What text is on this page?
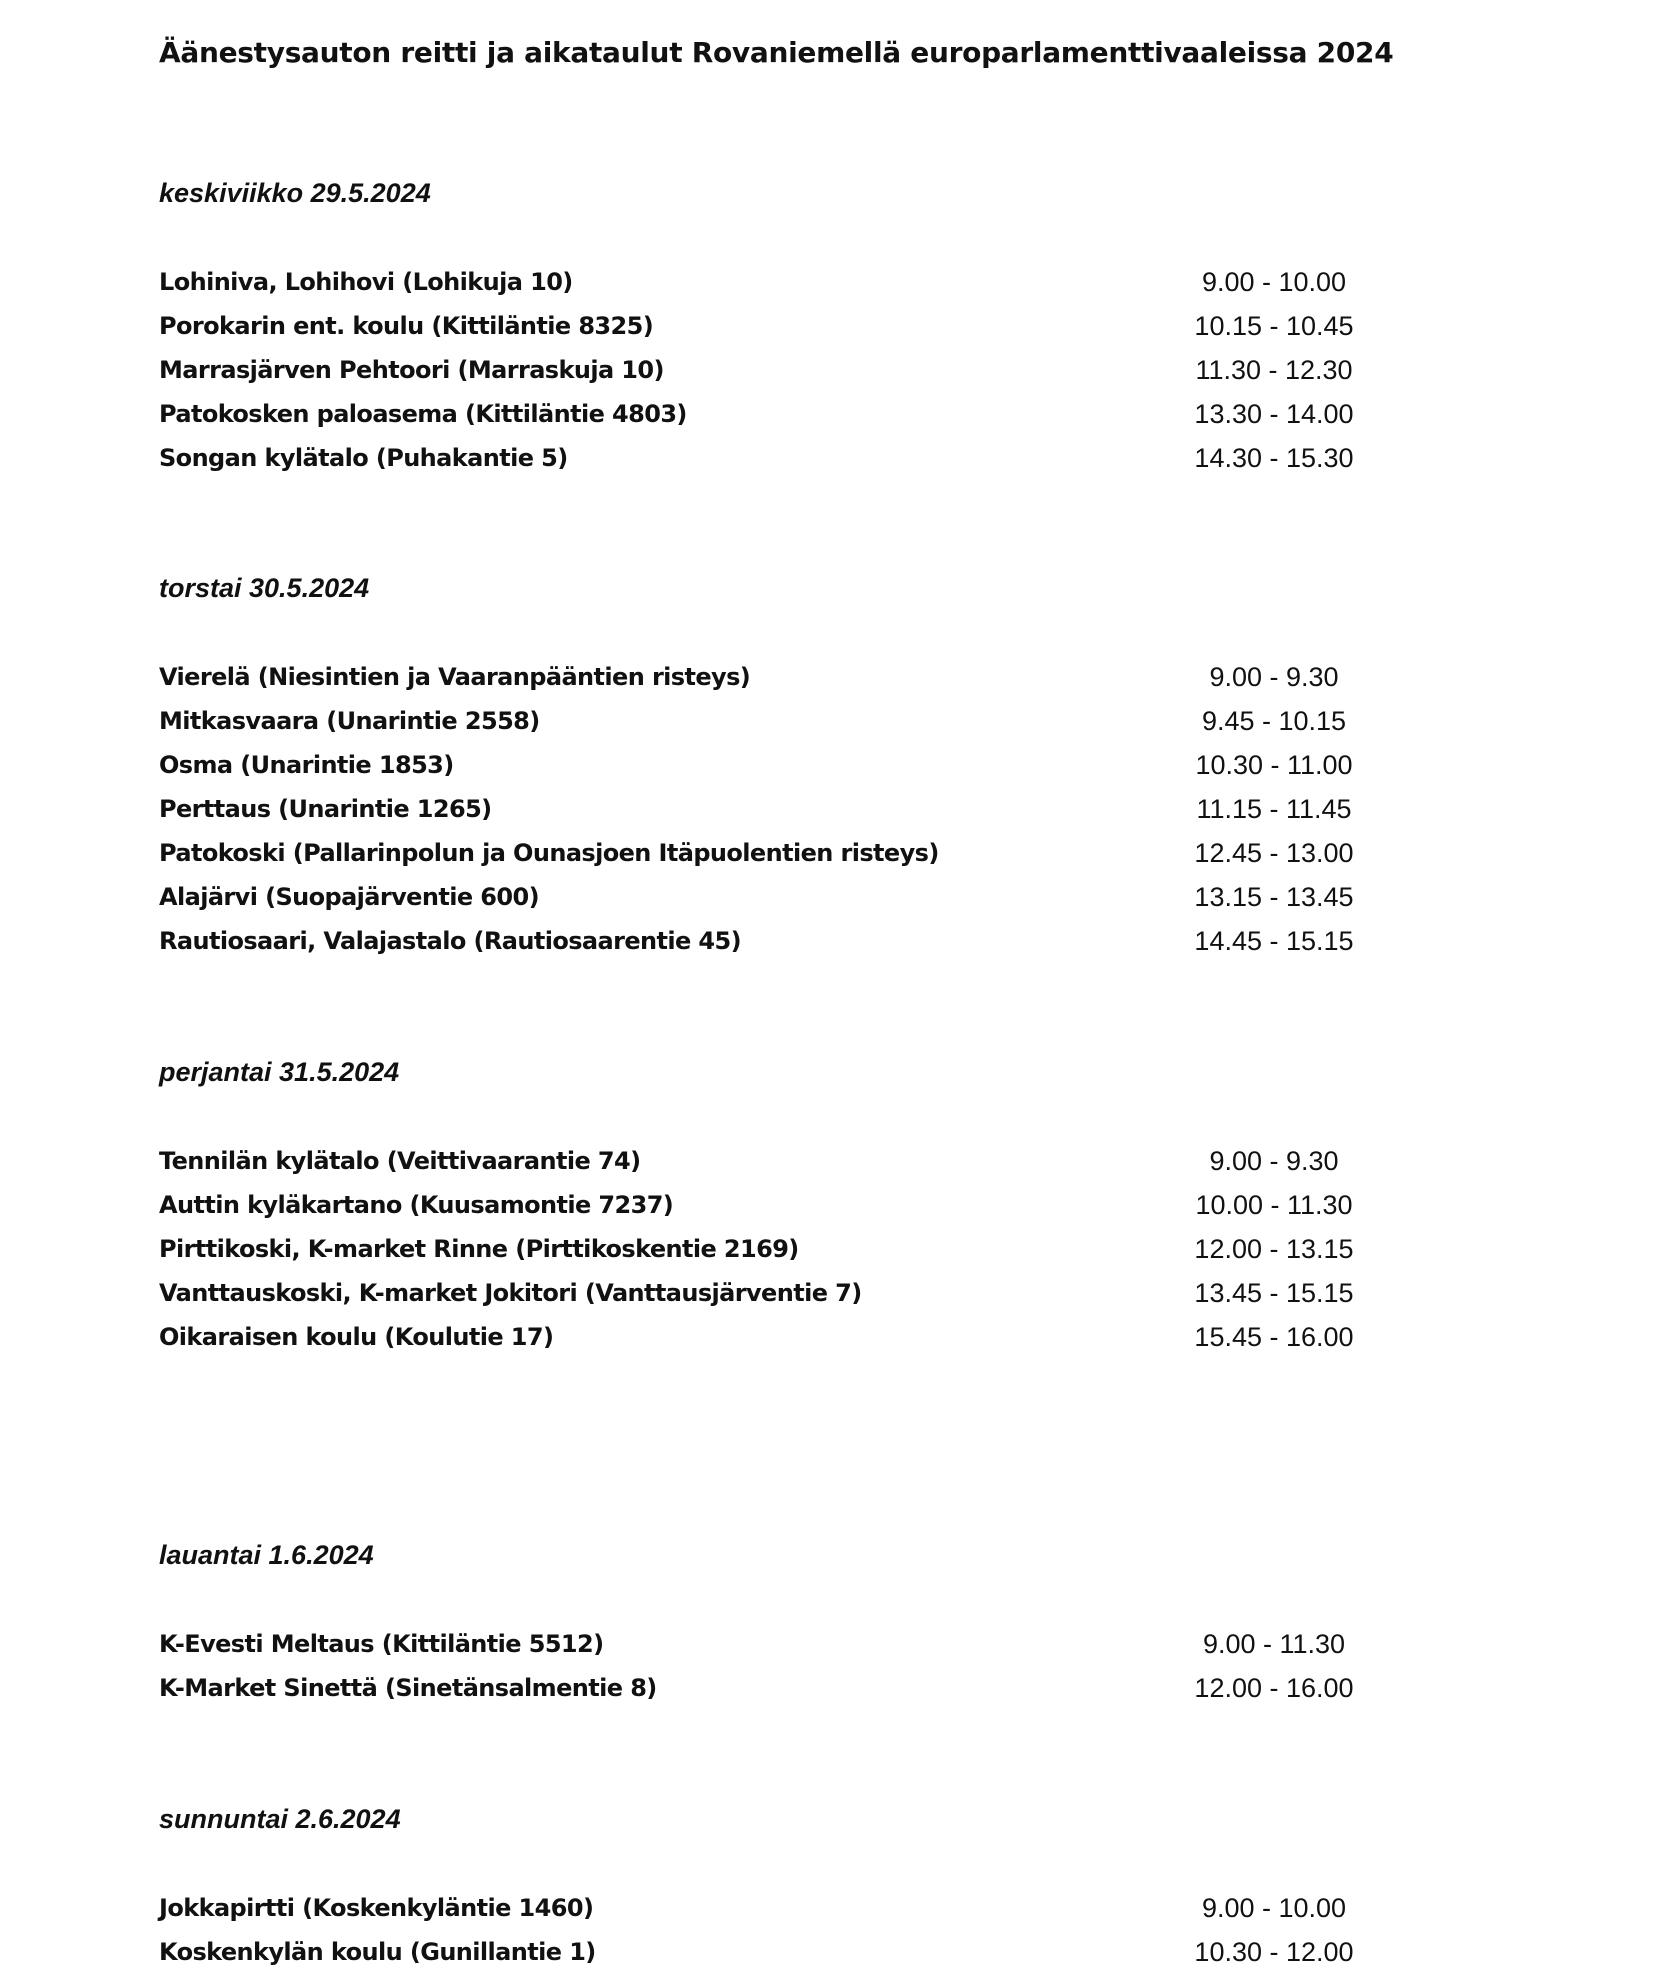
Äänestysauton reitti ja aikataulut Rovaniemellä europarlamenttivaaleissa 2024
keskiviikko 29.5.2024
Lohiniva, Lohihovi (Lohikuja 10)	9.00 - 10.00
Porokarin ent. koulu (Kittiläntie 8325)	10.15 - 10.45
Marrasjärven Pehtoori (Marraskuja 10)	11.30 - 12.30
Patokosken paloasema (Kittiläntie 4803)	13.30 - 14.00
Songan kylätalo (Puhakantie 5)	14.30 - 15.30
torstai 30.5.2024
Vierelä (Niesintien ja Vaaranpääntien risteys)	9.00 - 9.30
Mitkasvaara (Unarintie 2558)	9.45 - 10.15
Osma (Unarintie 1853)	10.30 - 11.00
Perttaus (Unarintie 1265)	11.15 - 11.45
Patokoski (Pallarinpolun ja Ounasjoen Itäpuolentien risteys)	12.45 - 13.00
Alajärvi (Suopajärventie 600)	13.15 - 13.45
Rautiosaari, Valajastalo (Rautiosaarentie 45)	14.45 - 15.15
perjantai 31.5.2024
Tennilän kylätalo (Veittivaarantie 74)	9.00 - 9.30
Auttin kyläkartano (Kuusamontie 7237)	10.00 - 11.30
Pirttikoski, K-market Rinne (Pirttikoskentie 2169)	12.00 - 13.15
Vanttauskoski, K-market Jokitori (Vanttausjärventie 7)	13.45 - 15.15
Oikaraisen koulu (Koulutie 17)	15.45 - 16.00
lauantai 1.6.2024
K-Evesti Meltaus (Kittiläntie 5512)	9.00 - 11.30
K-Market Sinettä (Sinetänsalmentie 8)	12.00 - 16.00
sunnuntai 2.6.2024
Jokkapirtti (Koskenkyläntie 1460)	9.00 - 10.00
Koskenkylän koulu (Gunillantie 1)	10.30 - 12.00
